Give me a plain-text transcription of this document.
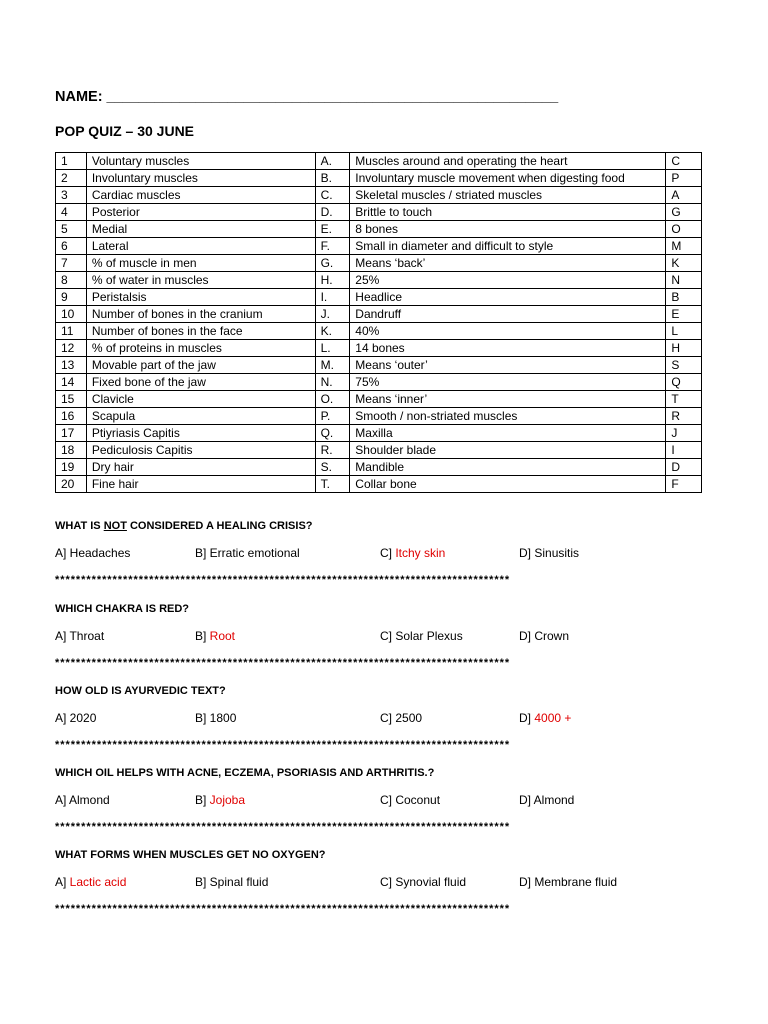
NAME: ________________________________________________________
POP QUIZ – 30 JUNE
1	Voluntary muscles	A.	Muscles around and operating the heart	C
2	Involuntary muscles	B.	Involuntary muscle movement when digesting food	P
3	Cardiac muscles	C.	Skeletal muscles / striated muscles	A
4	Posterior	D.	Brittle to touch	G
5	Medial	E.	8 bones	O
6	Lateral	F.	Small in diameter and difficult to style	M
7	% of muscle in men	G.	Means ‘back’	K
8	% of water in muscles	H.	25%	N
9	Peristalsis	I.	Headlice	B
10	Number of bones in the cranium	J.	Dandruff	E
11	Number of bones in the face	K.	40%	L
12	% of proteins in muscles	L.	14 bones	H
13	Movable part of the jaw	M.	Means ‘outer’	S
14	Fixed bone of the jaw	N.	75%	Q
15	Clavicle	O.	Means ‘inner’	T
16	Scapula	P.	Smooth / non-striated muscles	R
17	Ptiyriasis Capitis	Q.	Maxilla	J
18	Pediculosis Capitis	R.	Shoulder blade	I
19	Dry hair	S.	Mandible	D
20	Fine hair	T.	Collar bone	F
WHAT IS NOT CONSIDERED A HEALING CRISIS?
A] Headaches	B] Erratic emotional	C] Itchy skin	D] Sinusitis
***************************************************************************************
WHICH CHAKRA IS RED?
A] Throat	B] Root	C] Solar Plexus	D] Crown
***************************************************************************************
HOW OLD IS AYURVEDIC TEXT?
A] 2020	B] 1800	C] 2500	D] 4000 +
***************************************************************************************
WHICH OIL HELPS WITH ACNE, ECZEMA, PSORIASIS AND ARTHRITIS.?
A] Almond	B] Jojoba	C] Coconut	D] Almond
***************************************************************************************
WHAT FORMS WHEN MUSCLES GET NO OXYGEN?
A] Lactic acid	B] Spinal fluid	C] Synovial fluid	D] Membrane fluid
***************************************************************************************
